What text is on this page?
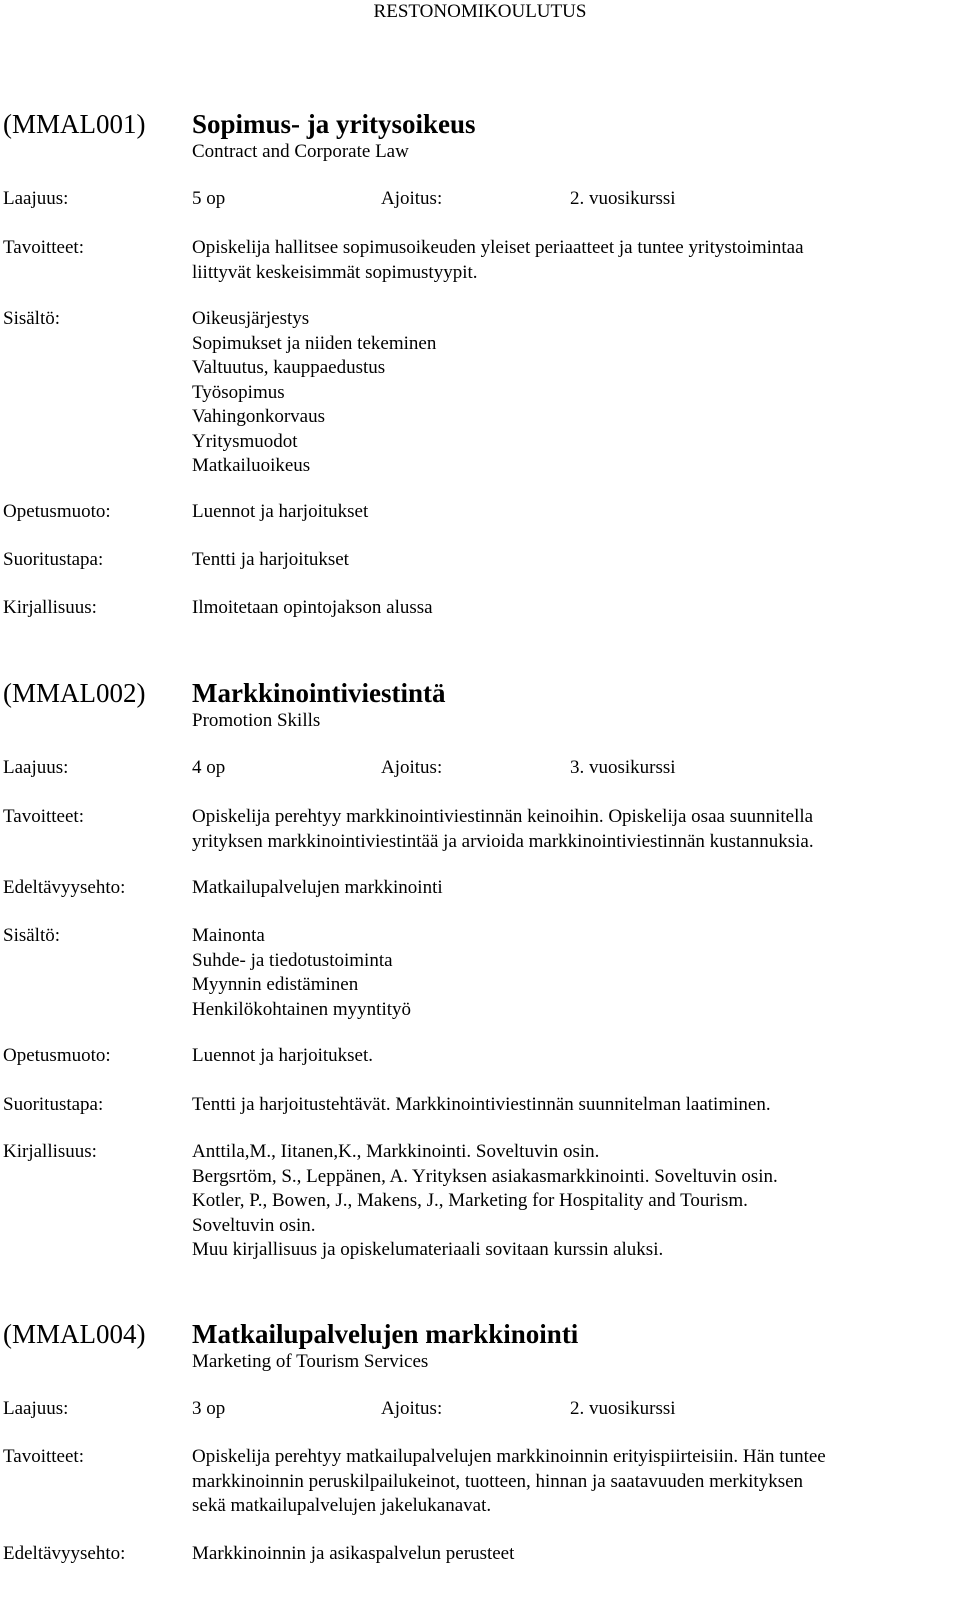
RESTONOMIKOULUTUS
(MMAL001) Sopimus- ja yritysoikeus
Contract and Corporate Law
Laajuus:	5 op	Ajoitus:	2. vuosikurssi
Tavoitteet:	Opiskelija hallitsee sopimusoikeuden yleiset periaatteet ja tuntee yritystoimintaa
liittyvät keskeisimmät sopimustyypit.
Sisältö:	Oikeusjärjestys
Sopimukset ja niiden tekeminen
Valtuutus, kauppaedustus
Työsopimus
Vahingonkorvaus
Yritysmuodot
Matkailuoikeus
Opetusmuoto:	Luennot ja harjoitukset
Suoritustapa:	Tentti ja harjoitukset
Kirjallisuus:	Ilmoitetaan opintojakson alussa
(MMAL002) Markkinointiviestintä
Promotion Skills
Laajuus:	4 op	Ajoitus:	3. vuosikurssi
Tavoitteet:	Opiskelija perehtyy markkinointiviestinnän keinoihin. Opiskelija osaa suunnitella
yrityksen markkinointiviestintää ja arvioida markkinointiviestinnän kustannuksia.
Edeltävyysehto:	Matkailupalvelujen markkinointi
Sisältö:	Mainonta
Suhde- ja tiedotustoiminta
Myynnin edistäminen
Henkilökohtainen myyntityö
Opetusmuoto:	Luennot ja harjoitukset.
Suoritustapa:	Tentti ja harjoitustehtävät. Markkinointiviestinnän suunnitelman laatiminen.
Kirjallisuus:	Anttila,M., Iitanen,K., Markkinointi. Soveltuvin osin.
Bergsrtöm, S., Leppänen, A. Yrityksen asiakasmarkkinointi. Soveltuvin osin.
Kotler, P., Bowen, J., Makens, J., Marketing for Hospitality and Tourism.
Soveltuvin osin.
Muu kirjallisuus ja opiskelumateriaali sovitaan kurssin aluksi.
(MMAL004) Matkailupalvelujen markkinointi
Marketing of Tourism Services
Laajuus:	3 op	Ajoitus:	2. vuosikurssi
Tavoitteet:	Opiskelija perehtyy matkailupalvelujen markkinoinnin erityispiirteisiin. Hän tuntee
markkinoinnin peruskilpailukeinot, tuotteen, hinnan ja saatavuuden merkityksen
sekä matkailupalvelujen jakelukanavat.
Edeltävyysehto:	Markkinoinnin ja asikaspalvelun perusteet
